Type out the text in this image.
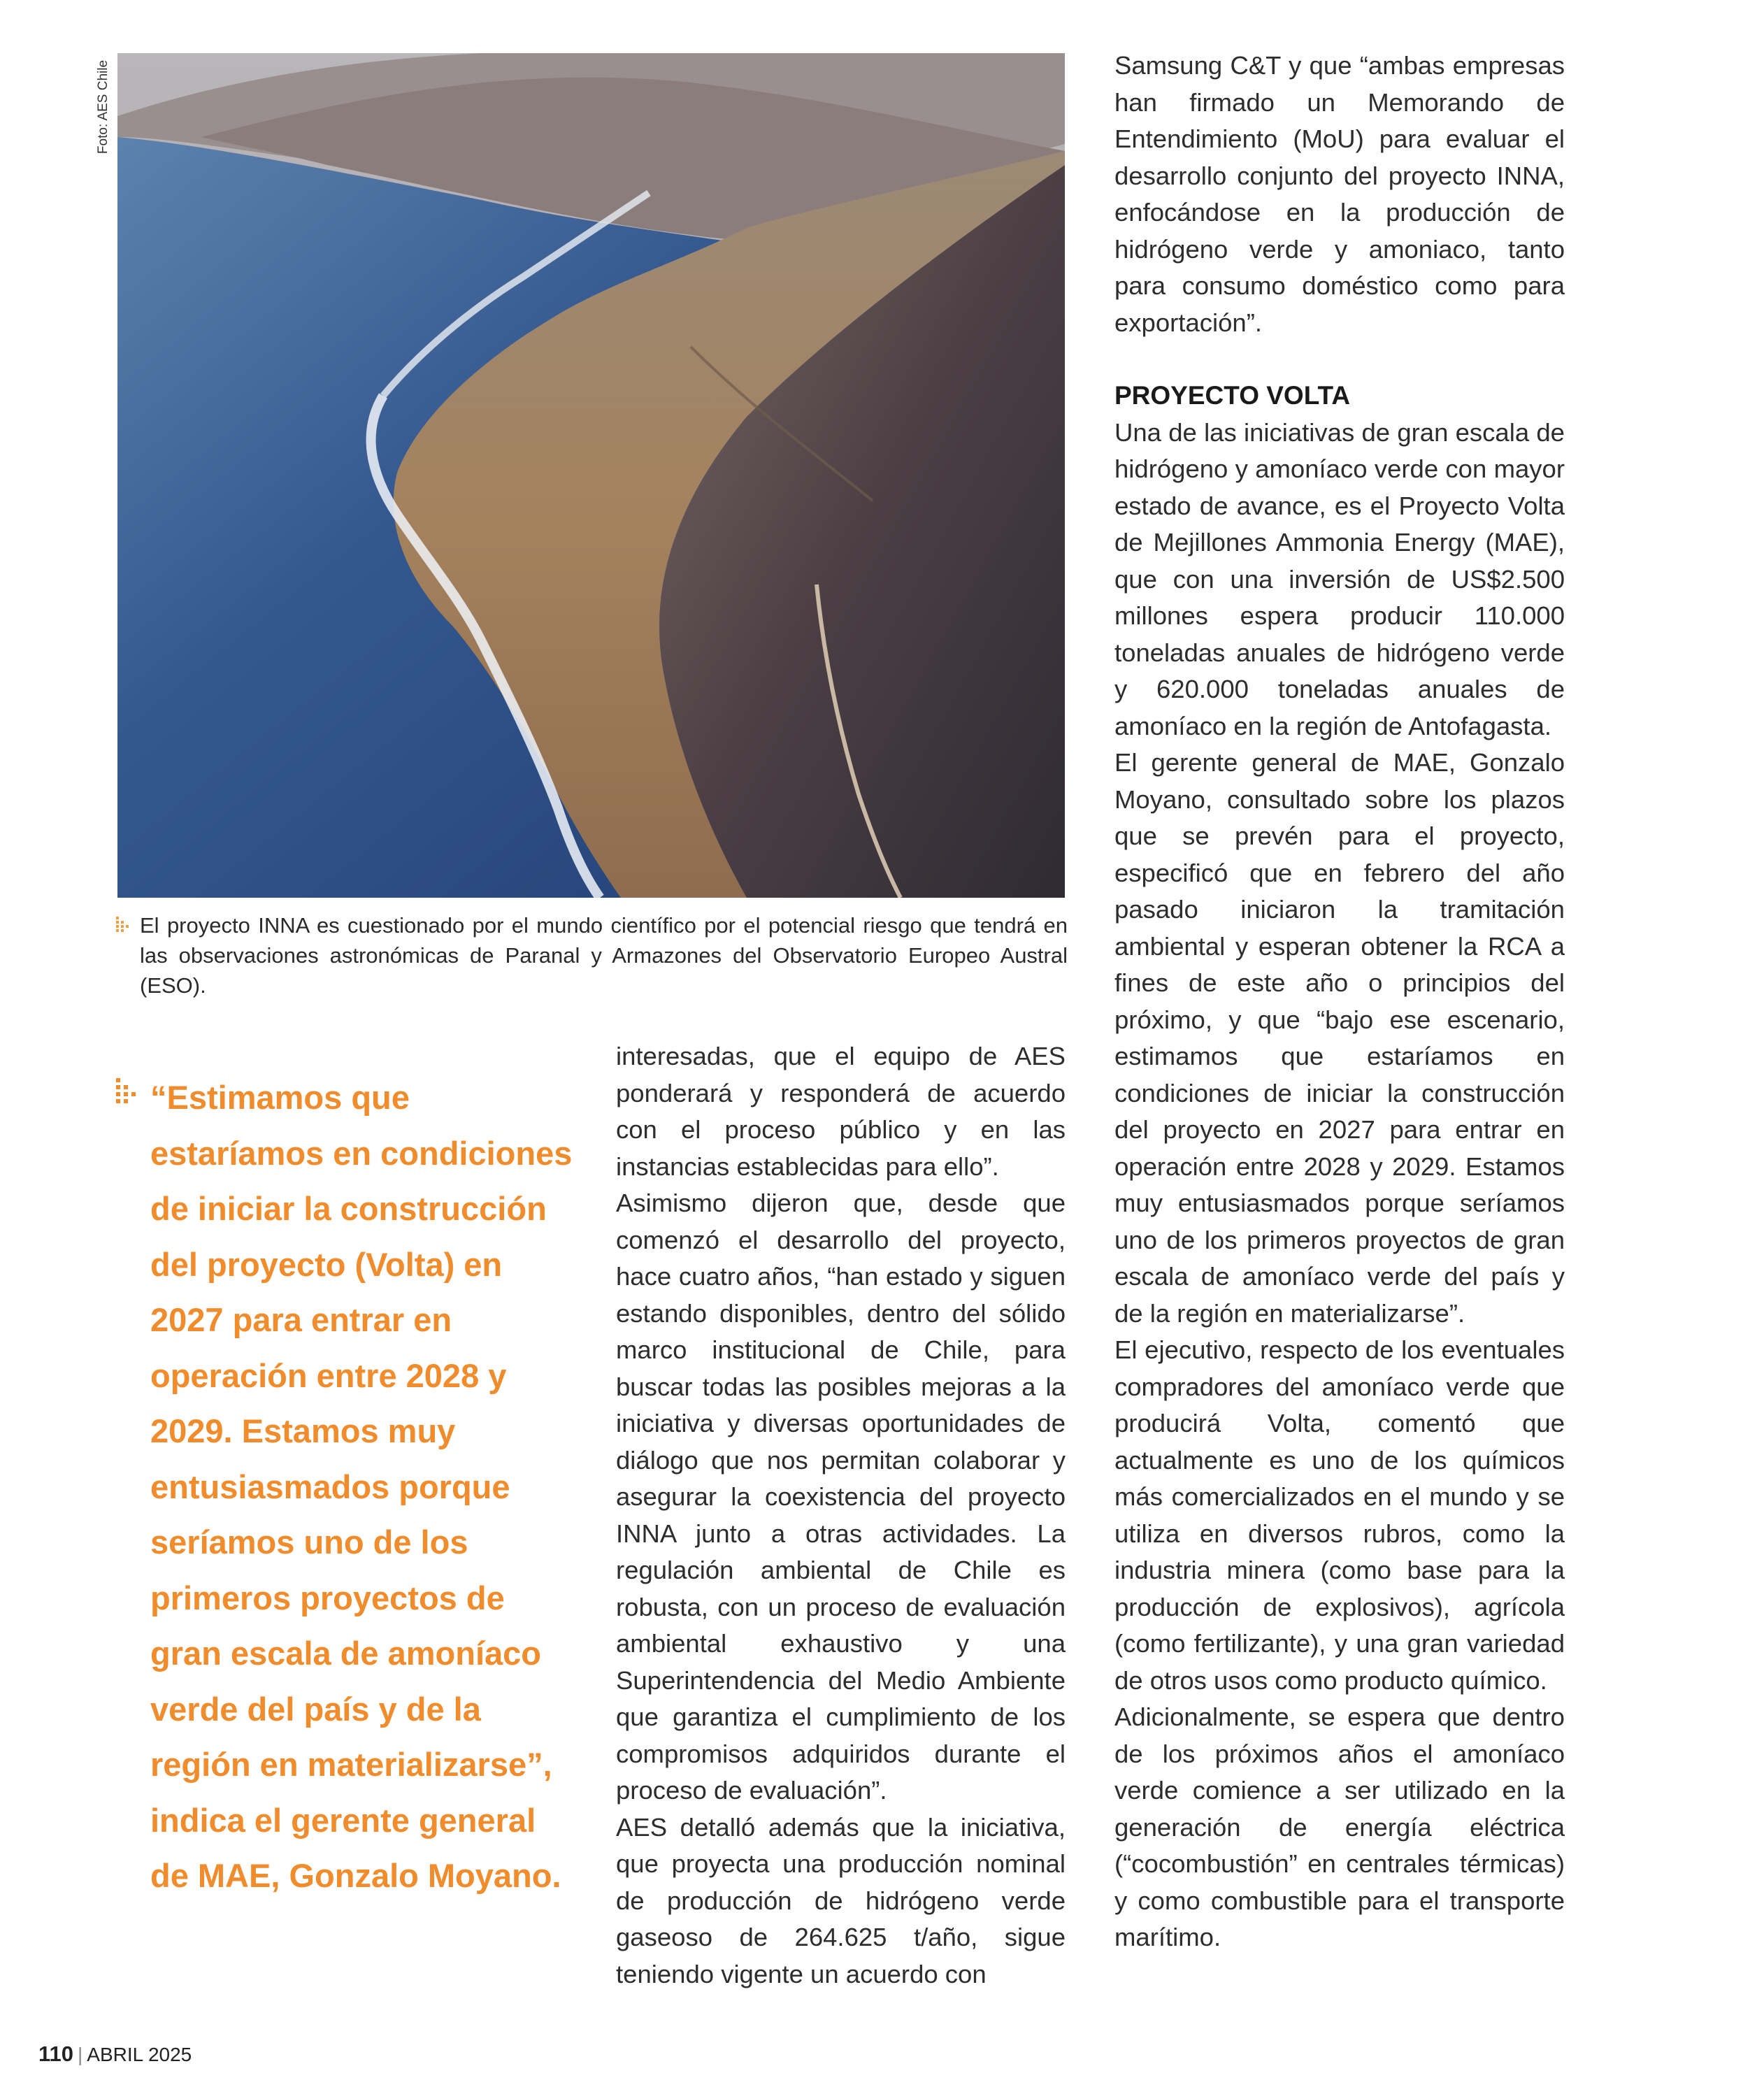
Foto: AES Chile
El proyecto INNA es cuestionado por el mundo científico por el potencial riesgo que tendrá en las observaciones astronómicas de Paranal y Armazones del Observatorio Europeo Austral (ESO).
“Estimamos que estaríamos en condiciones de iniciar la construcción del proyecto (Volta) en 2027 para entrar en operación entre 2028 y 2029. Estamos muy entusiasmados porque seríamos uno de los primeros proyectos de gran escala de amoníaco verde del país y de la región en materializarse”, indica el gerente general de MAE, Gonzalo Moyano.

interesadas, que el equipo de AES ponderará y responderá de acuerdo con el proceso público y en las instancias establecidas para ello”.

Asimismo dijeron que, desde que comenzó el desarrollo del proyecto, hace cuatro años, “han estado y siguen estando disponibles, dentro del sólido marco institucional de Chile, para buscar todas las posibles mejoras a la iniciativa y diversas oportunidades de diálogo que nos permitan colaborar y asegurar la coexistencia del proyecto INNA junto a otras actividades. La regulación ambiental de Chile es robusta, con un proceso de evaluación ambiental exhaustivo y una Superintendencia del Medio Ambiente que garantiza el cumplimiento de los compromisos adquiridos durante el proceso de evaluación”.

AES detalló además que la iniciativa, que proyecta una producción nominal de producción de hidrógeno verde gaseoso de 264.625 t/año, sigue teniendo vigente un acuerdo con

Samsung C&T y que “ambas empresas han firmado un Memorando de Entendimiento (MoU) para evaluar el desarrollo conjunto del proyecto INNA, enfocándose en la producción de hidrógeno verde y amoniaco, tanto para consumo doméstico como para exportación”.

PROYECTO VOLTA

Una de las iniciativas de gran escala de hidrógeno y amoníaco verde con mayor estado de avance, es el Proyecto Volta de Mejillones Ammonia Energy (MAE), que con una inversión de US$2.500 millones espera producir 110.000 toneladas anuales de hidrógeno verde y 620.000 toneladas anuales de amoníaco en la región de Antofagasta.

El gerente general de MAE, Gonzalo Moyano, consultado sobre los plazos que se prevén para el proyecto, especificó que en febrero del año pasado iniciaron la tramitación ambiental y esperan obtener la RCA a fines de este año o principios del próximo, y que “bajo ese escenario, estimamos que estaríamos en condiciones de iniciar la construcción del proyecto en 2027 para entrar en operación entre 2028 y 2029. Estamos muy entusiasmados porque seríamos uno de los primeros proyectos de gran escala de amoníaco verde del país y de la región en materializarse”.

El ejecutivo, respecto de los eventuales compradores del amoníaco verde que producirá Volta, comentó que actualmente es uno de los químicos más comercializados en el mundo y se utiliza en diversos rubros, como la industria minera (como base para la producción de explosivos), agrícola (como fertilizante), y una gran variedad de otros usos como producto químico.

Adicionalmente, se espera que dentro de los próximos años el amoníaco verde comience a ser utilizado en la generación de energía eléctrica (“cocombustión” en centrales térmicas) y como combustible para el transporte marítimo.

110 | ABRIL 2025
